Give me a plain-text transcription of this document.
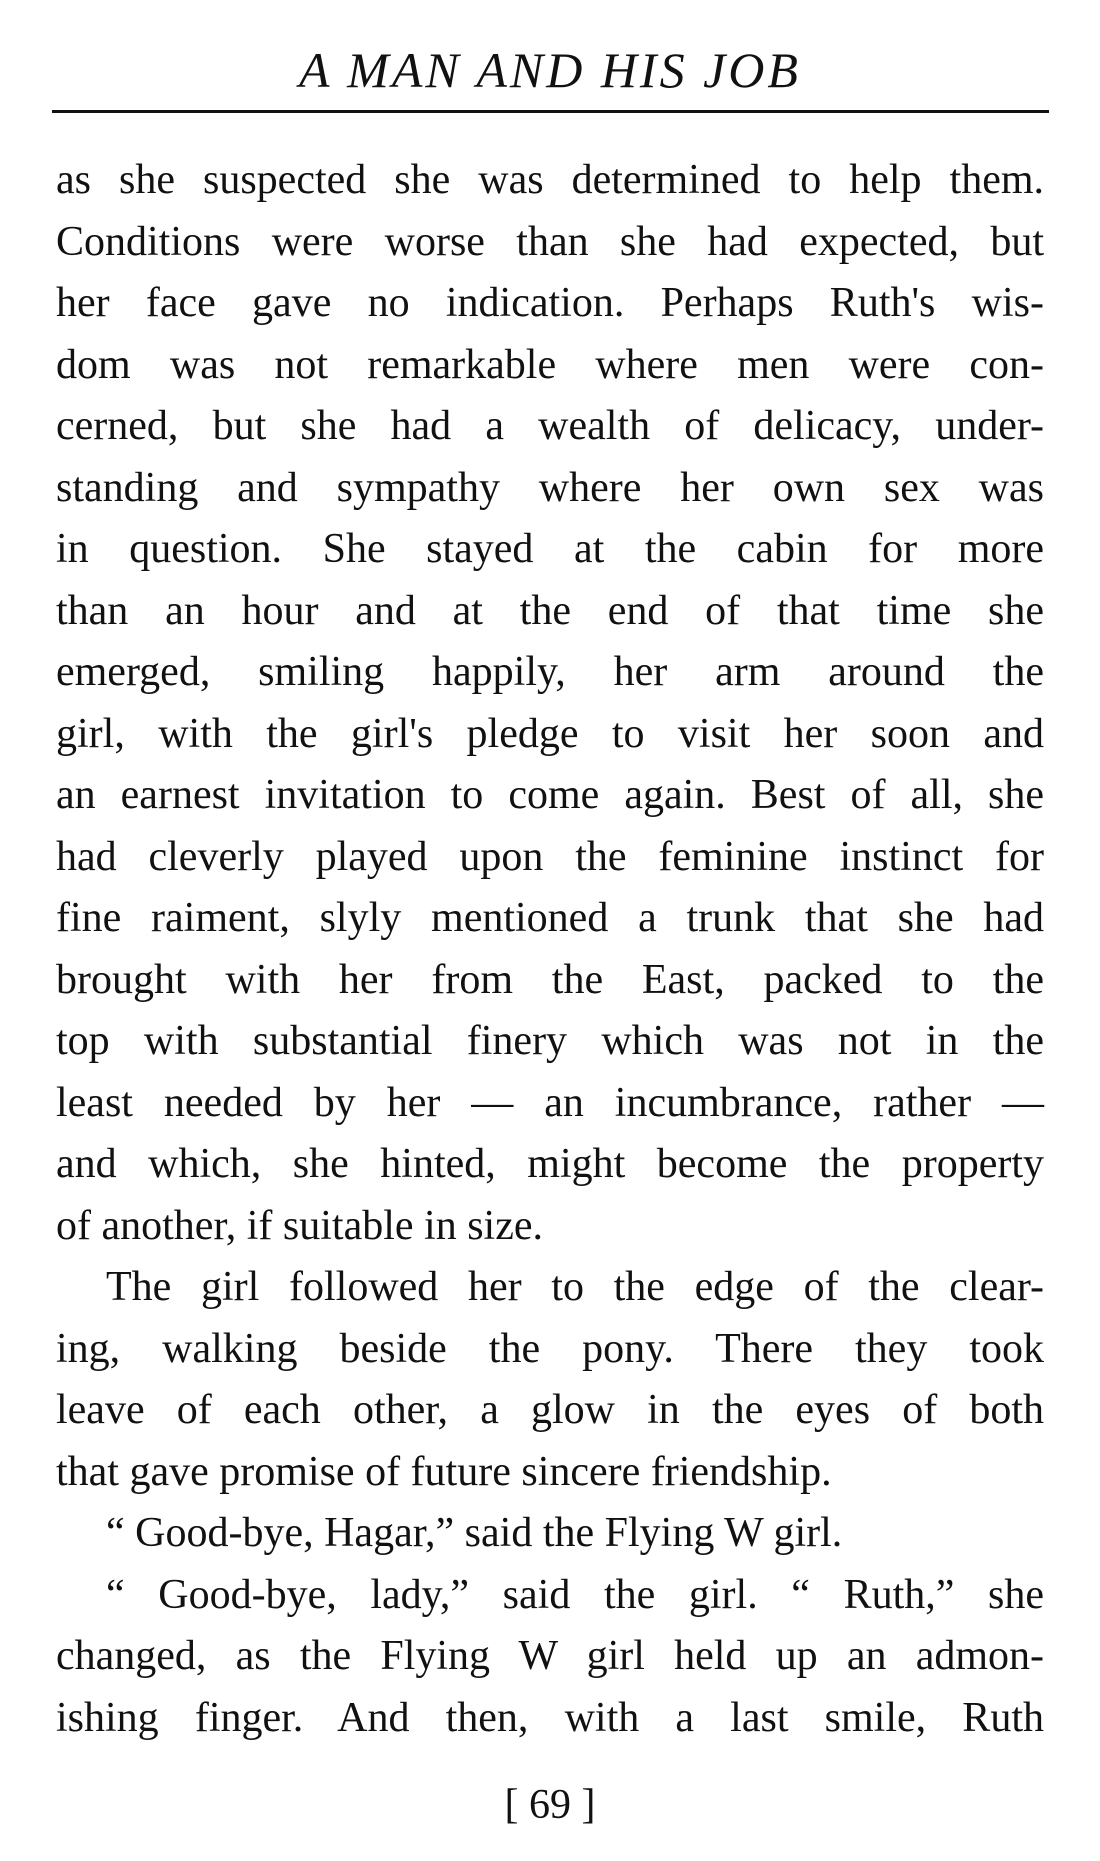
A MAN AND HIS JOB
as she suspected she was determined to help them.
Conditions were worse than she had expected, but
her face gave no indication. Perhaps Ruth's wis-
dom was not remarkable where men were con-
cerned, but she had a wealth of delicacy, under-
standing and sympathy where her own sex was
in question. She stayed at the cabin for more
than an hour and at the end of that time she
emerged, smiling happily, her arm around the
girl, with the girl's pledge to visit her soon and
an earnest invitation to come again. Best of all, she
had cleverly played upon the feminine instinct for
fine raiment, slyly mentioned a trunk that she had
brought with her from the East, packed to the
top with substantial finery which was not in the
least needed by her — an incumbrance, rather —
and which, she hinted, might become the property
of another, if suitable in size.
The girl followed her to the edge of the clear-
ing, walking beside the pony. There they took
leave of each other, a glow in the eyes of both
that gave promise of future sincere friendship.
“ Good-bye, Hagar,” said the Flying W girl.
“ Good-bye, lady,” said the girl. “ Ruth,” she
changed, as the Flying W girl held up an admon-
ishing finger. And then, with a last smile, Ruth
[ 69 ]
